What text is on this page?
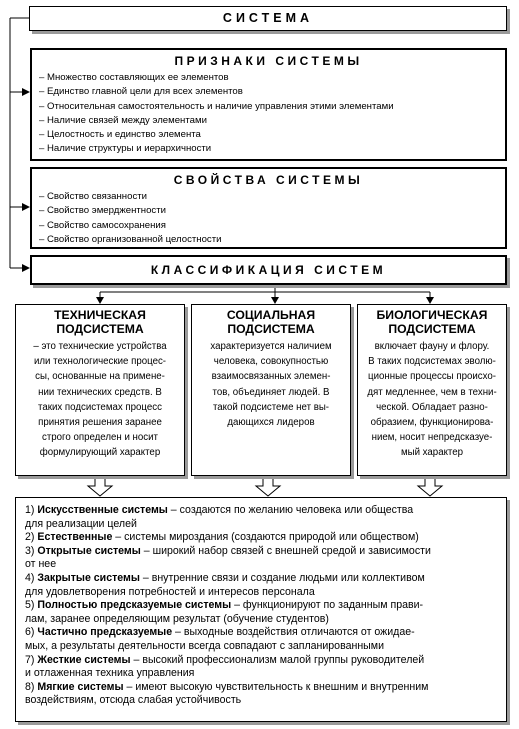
СИСТЕМА
ПРИЗНАКИ СИСТЕМЫ
– Множество составляющих ее элементов
– Единство главной цели для всех элементов
– Относительная самостоятельность и наличие управления этими элементами
– Наличие связей между элементами
– Целостность и единство элемента
– Наличие структуры и иерархичности
СВОЙСТВА СИСТЕМЫ
– Свойство связанности
– Свойство эмерджентности
– Свойство самосохранения
– Свойство организованной целостности
КЛАССИФИКАЦИЯ СИСТЕМ
ТЕХНИЧЕСКАЯ
ПОДСИСТЕМА
– это технические устройства
или технологические процес-
сы, основанные на примене-
нии технических средств. В
таких подсистемах процесс
принятия решения заранее
строго определен и носит
формулирующий характер
СОЦИАЛЬНАЯ
ПОДСИСТЕМА
характеризуется наличием
человека, совокупностью
взаимосвязанных элемен-
тов, объединяет людей. В
такой подсистеме нет вы-
дающихся лидеров
БИОЛОГИЧЕСКАЯ
ПОДСИСТЕМА
включает фауну и флору.
В таких подсистемах эволю-
ционные процессы происхо-
дят медленнее, чем в техни-
ческой. Обладает разно-
образием, функционирова-
нием, носит непредсказуе-
мый характер
1) Искусственные системы – создаются по желанию человека или общества
для реализации целей
2) Естественные – системы мироздания (создаются природой или обществом)
3) Открытые системы – широкий набор связей с внешней средой и зависимости
от нее
4) Закрытые системы – внутренние связи и создание людьми или коллективом
для удовлетворения потребностей и интересов персонала
5) Полностью предсказуемые системы – функционируют по заданным прави-
лам, заранее определяющим результат (обучение студентов)
6) Частично предсказуемые – выходные воздействия отличаются от ожидае-
мых, а результаты деятельности всегда совпадают с запланированными
7) Жесткие системы – высокий профессионализм малой группы руководителей
и отлаженная техника управления
8) Мягкие системы – имеют высокую чувствительность к внешним и внутренним
воздействиям, отсюда слабая устойчивость
